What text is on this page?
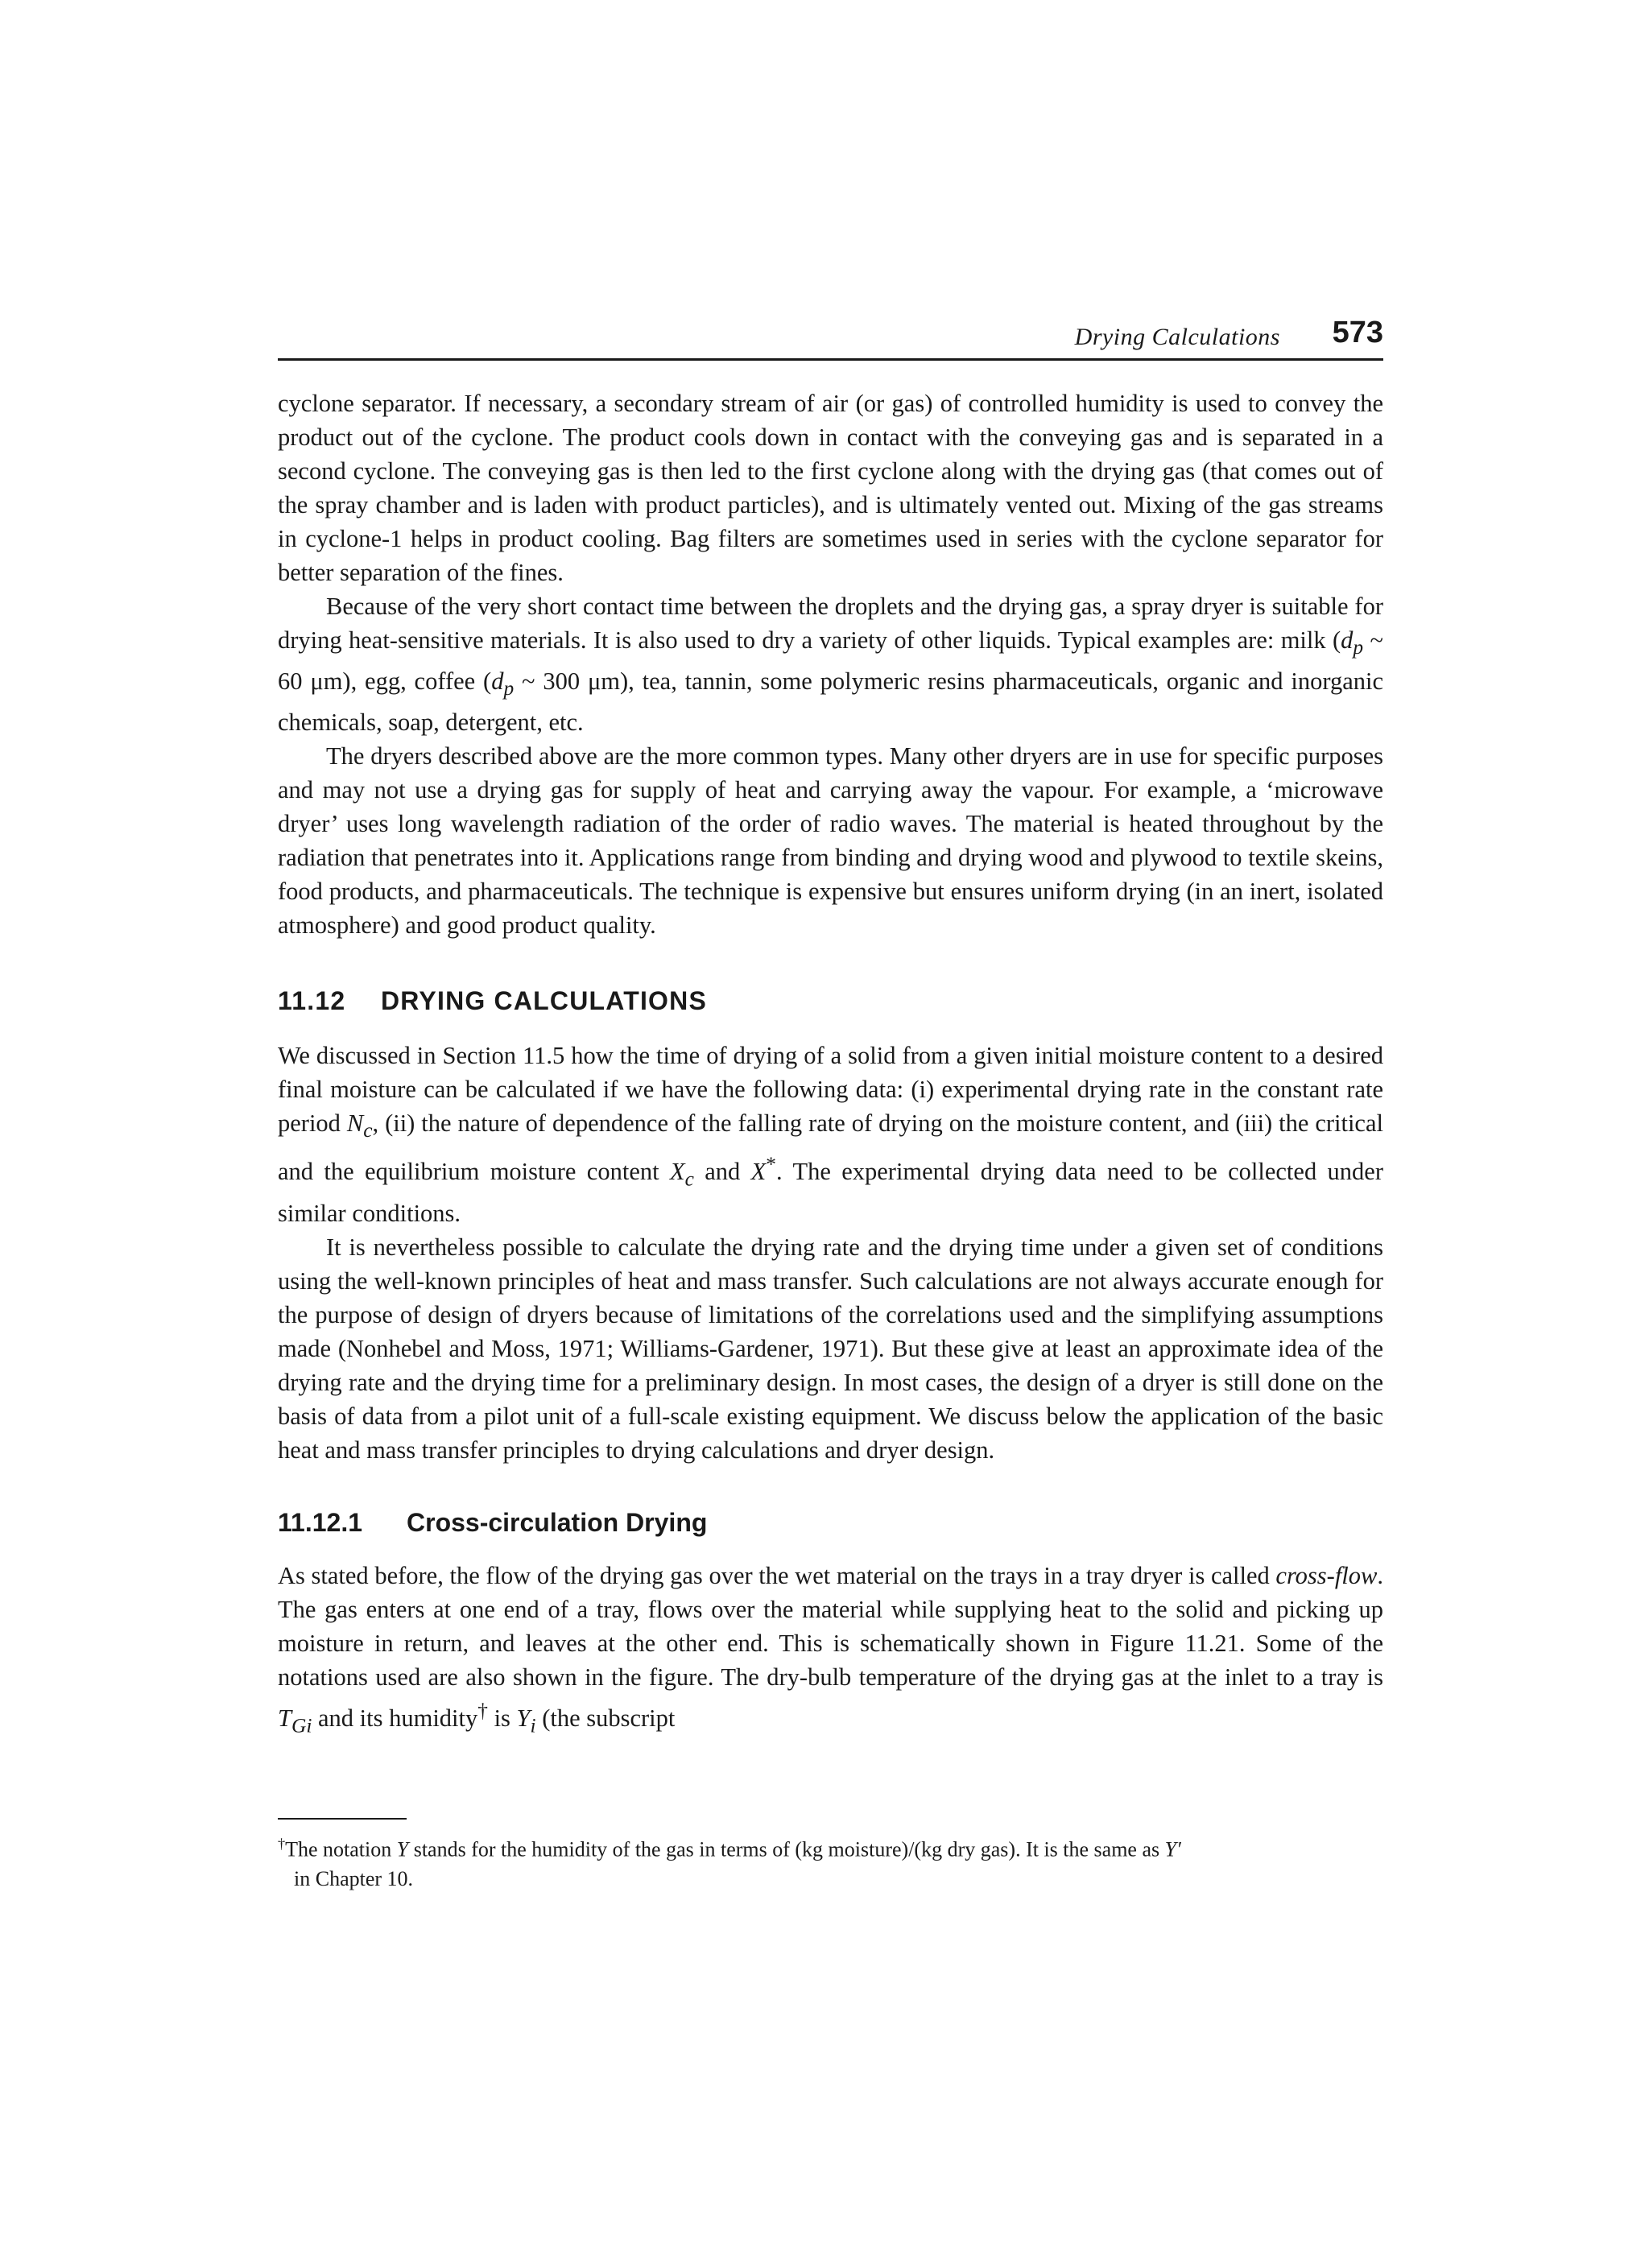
Drying Calculations 573

cyclone separator. If necessary, a secondary stream of air (or gas) of controlled humidity is used to convey the product out of the cyclone. The product cools down in contact with the conveying gas and is separated in a second cyclone. The conveying gas is then led to the first cyclone along with the drying gas (that comes out of the spray chamber and is laden with product particles), and is ultimately vented out. Mixing of the gas streams in cyclone-1 helps in product cooling. Bag filters are sometimes used in series with the cyclone separator for better separation of the fines.

Because of the very short contact time between the droplets and the drying gas, a spray dryer is suitable for drying heat-sensitive materials. It is also used to dry a variety of other liquids. Typical examples are: milk ($d_p$ ~ 60 μm), egg, coffee ($d_p$ ~ 300 μm), tea, tannin, some polymeric resins pharmaceuticals, organic and inorganic chemicals, soap, detergent, etc.

The dryers described above are the more common types. Many other dryers are in use for specific purposes and may not use a drying gas for supply of heat and carrying away the vapour. For example, a ‘microwave dryer’ uses long wavelength radiation of the order of radio waves. The material is heated throughout by the radiation that penetrates into it. Applications range from binding and drying wood and plywood to textile skeins, food products, and pharmaceuticals. The technique is expensive but ensures uniform drying (in an inert, isolated atmosphere) and good product quality.

11.12 DRYING CALCULATIONS

We discussed in Section 11.5 how the time of drying of a solid from a given initial moisture content to a desired final moisture can be calculated if we have the following data: (i) experimental drying rate in the constant rate period $N_c$, (ii) the nature of dependence of the falling rate of drying on the moisture content, and (iii) the critical and the equilibrium moisture content $X_c$ and X*. The experimental drying data need to be collected under similar conditions.

It is nevertheless possible to calculate the drying rate and the drying time under a given set of conditions using the well-known principles of heat and mass transfer. Such calculations are not always accurate enough for the purpose of design of dryers because of limitations of the correlations used and the simplifying assumptions made (Nonhebel and Moss, 1971; Williams-Gardener, 1971). But these give at least an approximate idea of the drying rate and the drying time for a preliminary design. In most cases, the design of a dryer is still done on the basis of data from a pilot unit of a full-scale existing equipment. We discuss below the application of the basic heat and mass transfer principles to drying calculations and dryer design.

11.12.1 Cross-circulation Drying

As stated before, the flow of the drying gas over the wet material on the trays in a tray dryer is called cross-flow. The gas enters at one end of a tray, flows over the material while supplying heat to the solid and picking up moisture in return, and leaves at the other end. This is schematically shown in Figure 11.21. Some of the notations used are also shown in the figure. The dry-bulb temperature of the drying gas at the inlet to a tray is $T_{Gi}$ and its humidity† is $Y_i$ (the subscript

†The notation Y stands for the humidity of the gas in terms of (kg moisture)/(kg dry gas). It is the same as Y′
in Chapter 10.
